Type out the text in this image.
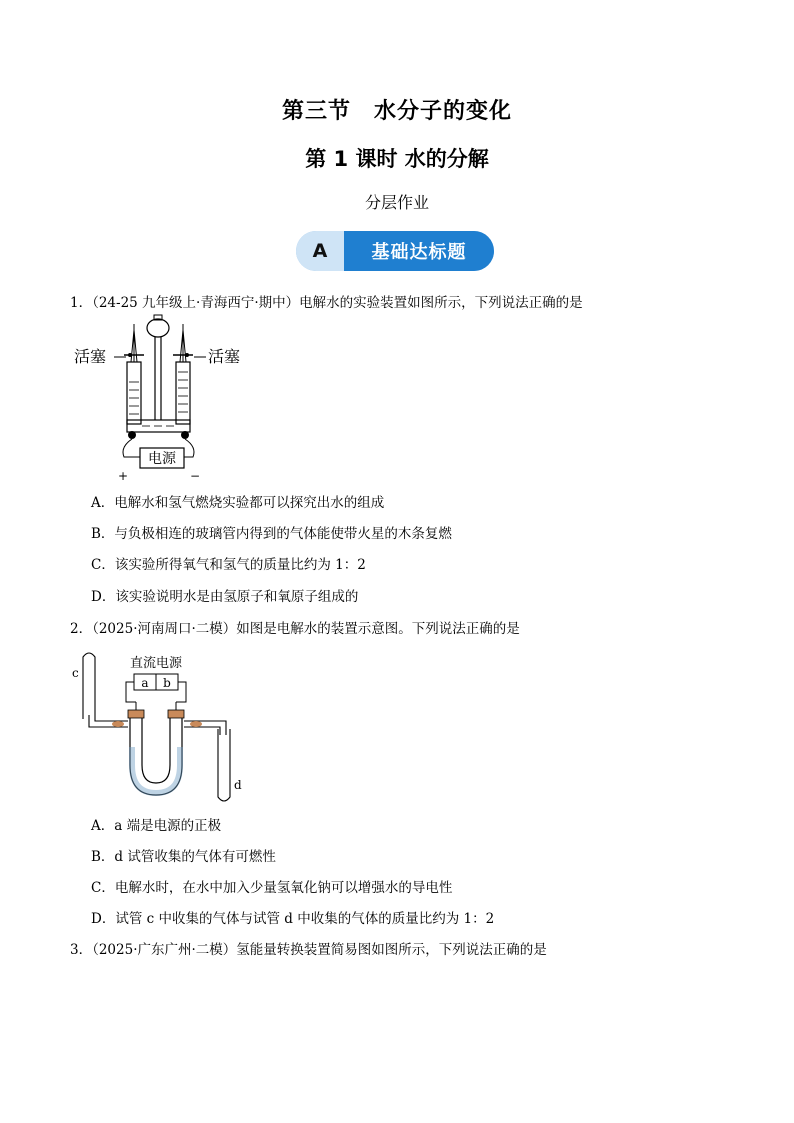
第三节　水分子的变化
第 1 课时 水的分解
分层作业
A	基础达标题
1．（24-25 九年级上·青海西宁·期中）电解水的实验装置如图所示，下列说法正确的是
电源
+	−
活塞	活塞
A．电解水和氢气燃烧实验都可以探究出水的组成
B．与负极相连的玻璃管内得到的气体能使带火星的木条复燃
C．该实验所得氧气和氢气的质量比约为 1：2
D．该实验说明水是由氢原子和氧原子组成的
2．（2025·河南周口·二模）如图是电解水的装置示意图。下列说法正确的是
直流电源
a b
c
d
A．a 端是电源的正极
B．d 试管收集的气体有可燃性
C．电解水时，在水中加入少量氢氧化钠可以增强水的导电性
D．试管 c 中收集的气体与试管 d 中收集的气体的质量比约为 1：2
3．（2025·广东广州·二模）氢能量转换装置简易图如图所示，下列说法正确的是
